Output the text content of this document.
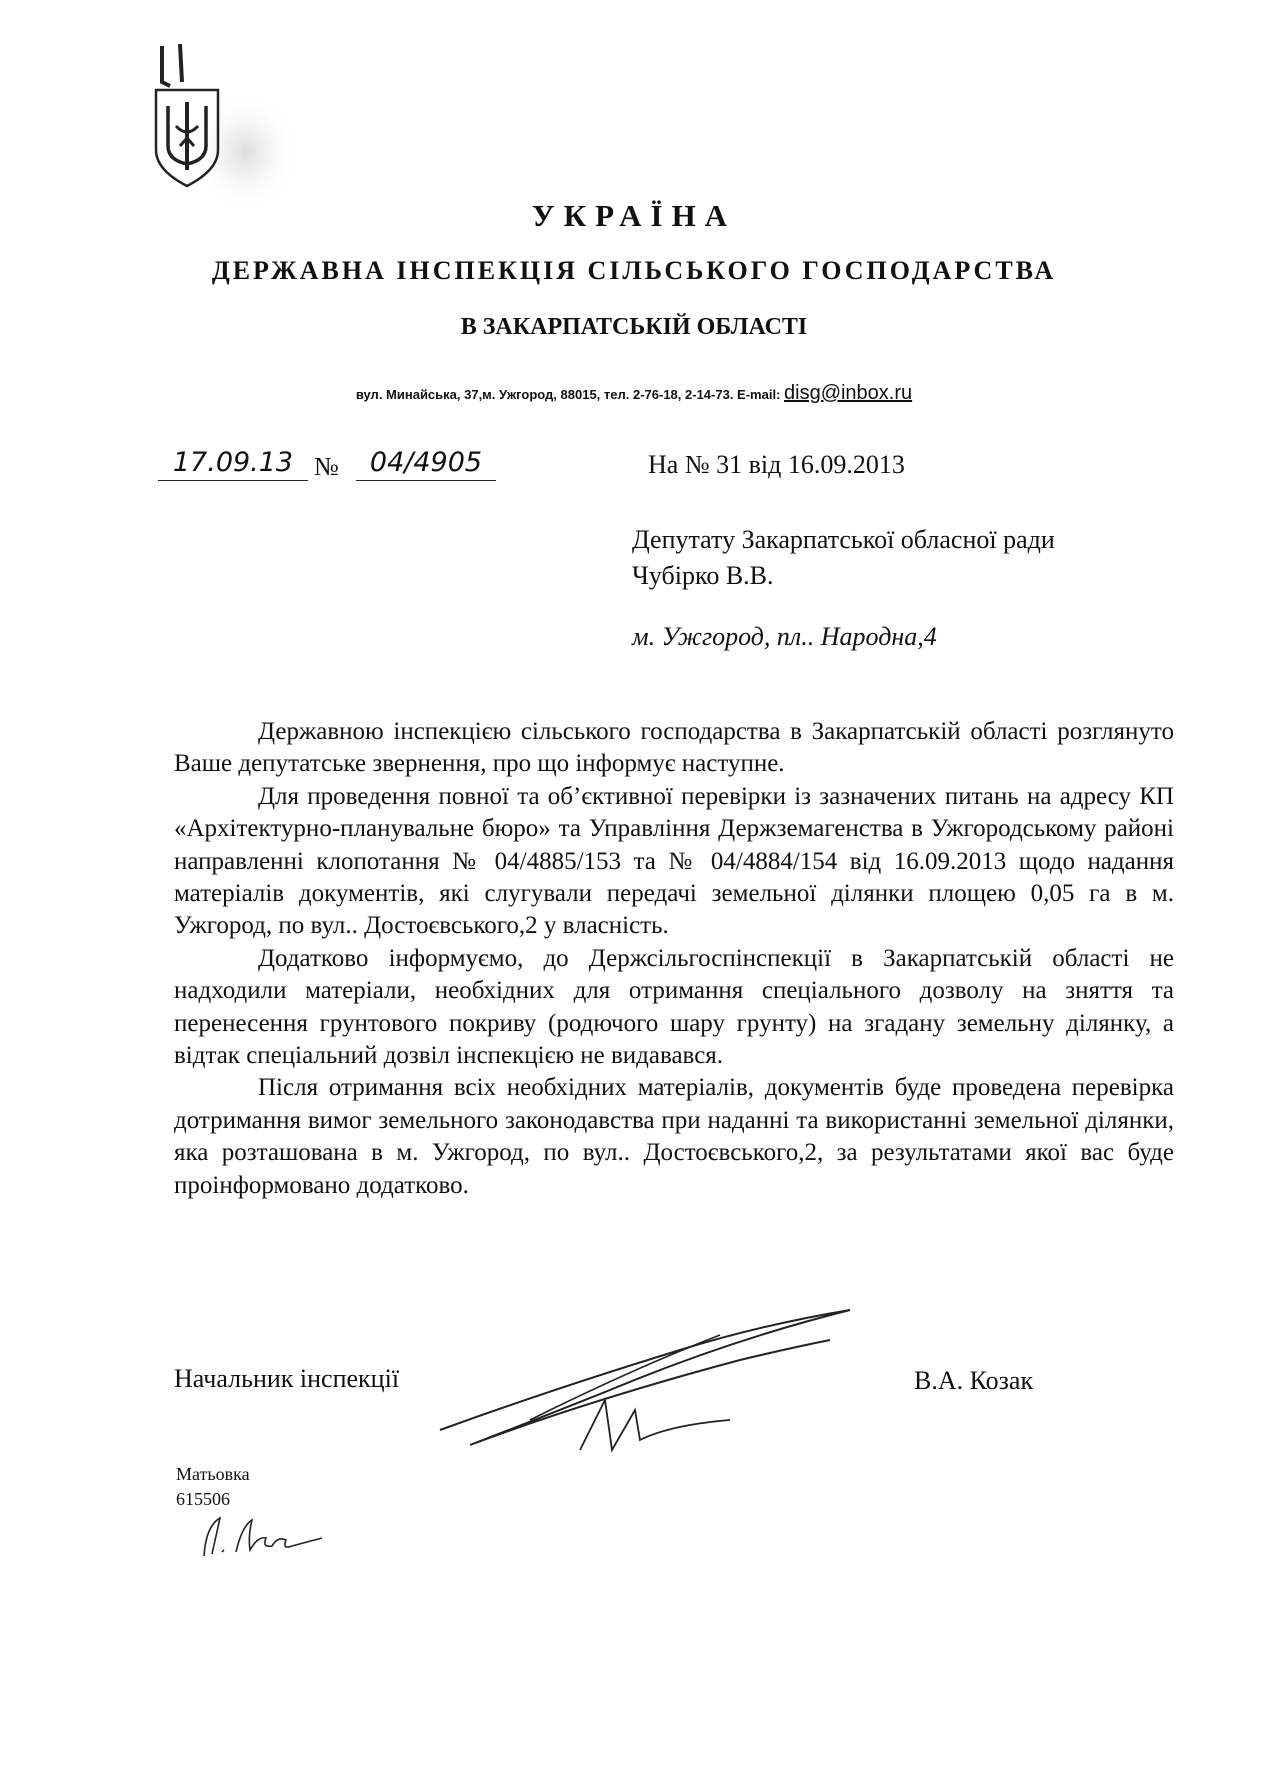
УКРАЇНА
ДЕРЖАВНА ІНСПЕКЦІЯ СІЛЬСЬКОГО ГОСПОДАРСТВА
В ЗАКАРПАТСЬКІЙ ОБЛАСТІ
вул. Минайська, 37,м. Ужгород, 88015, тел. 2-76-18, 2-14-73. E-mail: disg@inbox.ru
17.09.13 №	04/4905	На № 31 від 16.09.2013
Депутату Закарпатської обласної ради
Чубірко В.В.
м. Ужгород, пл.. Народна,4

Державною інспекцією сільського господарства в Закарпатській області розглянуто Ваше депутатське звернення, про що інформує наступне.

Для проведення повної та об’єктивної перевірки із зазначених питань на адресу КП «Архітектурно-планувальне бюро» та Управління Держземагенства в Ужгородському районі направленні клопотання № 04/4885/153 та № 04/4884/154 від 16.09.2013 щодо надання матеріалів документів, які слугували передачі земельної ділянки площею 0,05 га в м. Ужгород, по вул.. Достоєвського,2 у власність.

Додатково інформуємо, до Держсільгоспінспекції в Закарпатській області не надходили матеріали, необхідних для отримання спеціального дозволу на зняття та перенесення грунтового покриву (родючого шару грунту) на згадану земельну ділянку, а відтак спеціальний дозвіл інспекцією не видавався.

Після отримання всіх необхідних матеріалів, документів буде проведена перевірка дотримання вимог земельного законодавства при наданні та використанні земельної ділянки, яка розташована в м. Ужгород, по вул.. Достоєвського,2, за результатами якої вас буде проінформовано додатково.

Начальник інспекції	В.А. Козак
Матьовка
615506
